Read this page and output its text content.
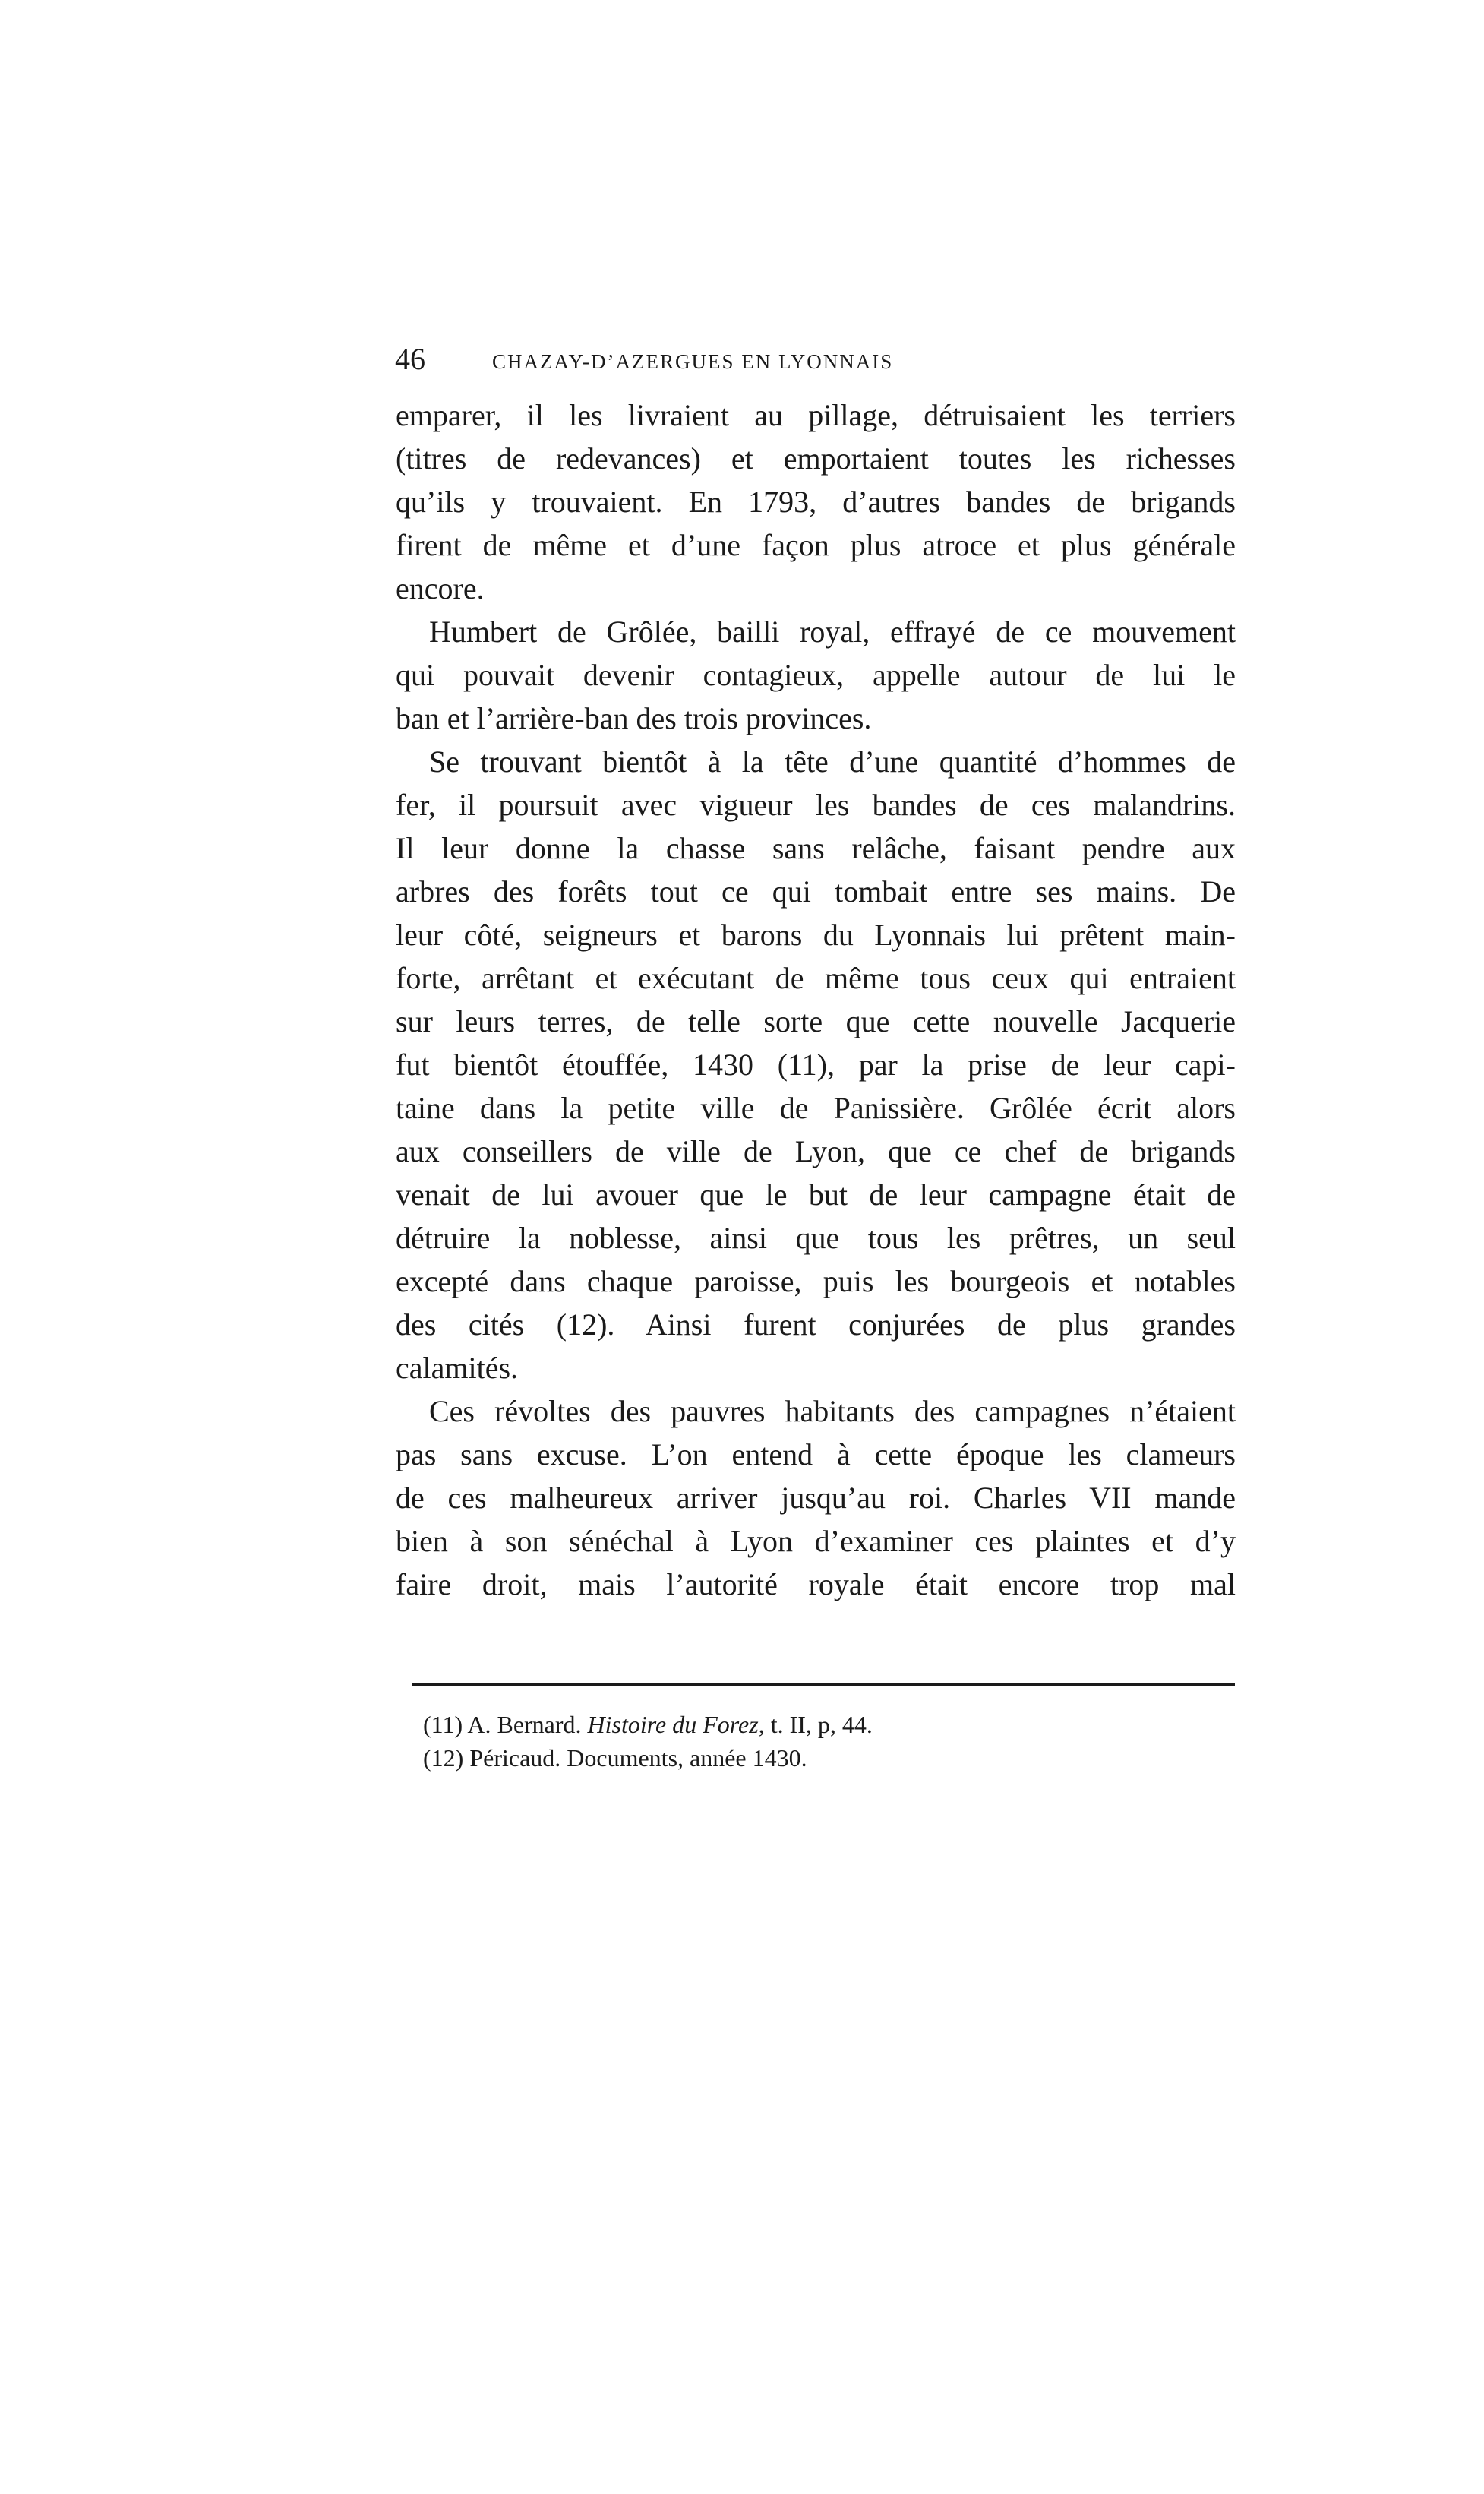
46	CHAZAY-D’AZERGUES EN LYONNAIS
emparer, il les livraient au pillage, détruisaient les terriers
(titres de redevances) et emportaient toutes les richesses
qu’ils y trouvaient. En 1793, d’autres bandes de brigands
firent de même et d’une façon plus atroce et plus générale
encore.
Humbert de Grôlée, bailli royal, effrayé de ce mouvement
qui pouvait devenir contagieux, appelle autour de lui le
ban et l’arrière-ban des trois provinces.
Se trouvant bientôt à la tête d’une quantité d’hommes de
fer, il poursuit avec vigueur les bandes de ces malandrins.
Il leur donne la chasse sans relâche, faisant pendre aux
arbres des forêts tout ce qui tombait entre ses mains. De
leur côté, seigneurs et barons du Lyonnais lui prêtent main-
forte, arrêtant et exécutant de même tous ceux qui entraient
sur leurs terres, de telle sorte que cette nouvelle Jacquerie
fut bientôt étouffée, 1430 (11), par la prise de leur capi-
taine dans la petite ville de Panissière. Grôlée écrit alors
aux conseillers de ville de Lyon, que ce chef de brigands
venait de lui avouer que le but de leur campagne était de
détruire la noblesse, ainsi que tous les prêtres, un seul
excepté dans chaque paroisse, puis les bourgeois et notables
des cités (12). Ainsi furent conjurées de plus grandes
calamités.
Ces révoltes des pauvres habitants des campagnes n’étaient
pas sans excuse. L’on entend à cette époque les clameurs
de ces malheureux arriver jusqu’au roi. Charles VII mande
bien à son sénéchal à Lyon d’examiner ces plaintes et d’y
faire droit, mais l’autorité royale était encore trop mal
(11) A. Bernard. Histoire du Forez, t. II, p, 44.
(12) Péricaud. Documents, année 1430.
